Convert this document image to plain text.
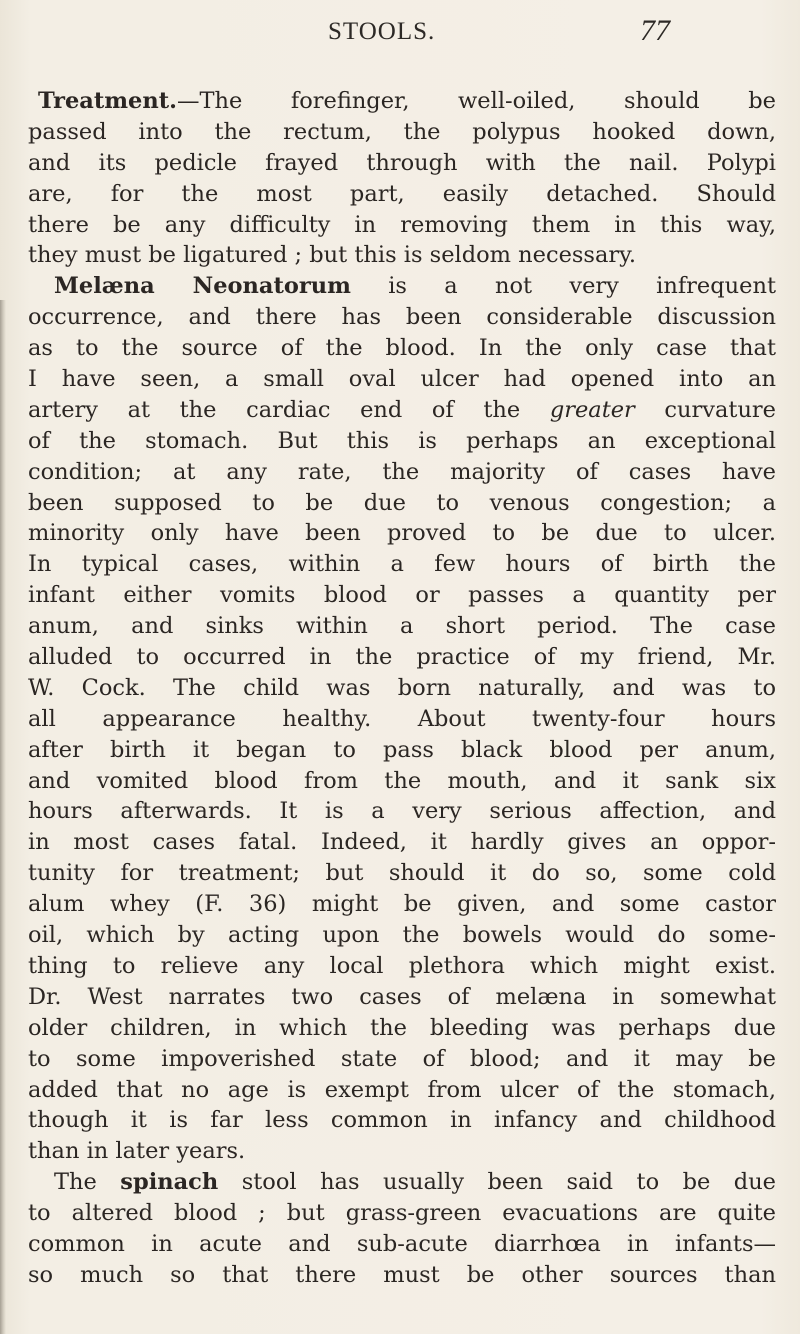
STOOLS.	77
Treatment.—The forefinger, well-oiled, should be
passed into the rectum, the polypus hooked down,
and its pedicle frayed through with the nail. Polypi
are, for the most part, easily detached. Should
there be any difficulty in removing them in this way,
they must be ligatured ; but this is seldom necessary.
Melæna Neonatorum is a not very infrequent
occurrence, and there has been considerable discussion
as to the source of the blood. In the only case that
I have seen, a small oval ulcer had opened into an
artery at the cardiac end of the greater curvature
of the stomach. But this is perhaps an exceptional
condition; at any rate, the majority of cases have
been supposed to be due to venous congestion; a
minority only have been proved to be due to ulcer.
In typical cases, within a few hours of birth the
infant either vomits blood or passes a quantity per
anum, and sinks within a short period. The case
alluded to occurred in the practice of my friend, Mr.
W. Cock. The child was born naturally, and was to
all appearance healthy. About twenty-four hours
after birth it began to pass black blood per anum,
and vomited blood from the mouth, and it sank six
hours afterwards. It is a very serious affection, and
in most cases fatal. Indeed, it hardly gives an oppor-
tunity for treatment; but should it do so, some cold
alum whey (F. 36) might be given, and some castor
oil, which by acting upon the bowels would do some-
thing to relieve any local plethora which might exist.
Dr. West narrates two cases of melæna in somewhat
older children, in which the bleeding was perhaps due
to some impoverished state of blood; and it may be
added that no age is exempt from ulcer of the stomach,
though it is far less common in infancy and childhood
than in later years.
The spinach stool has usually been said to be due
to altered blood ; but grass-green evacuations are quite
common in acute and sub-acute diarrhœa in infants—
so much so that there must be other sources than
